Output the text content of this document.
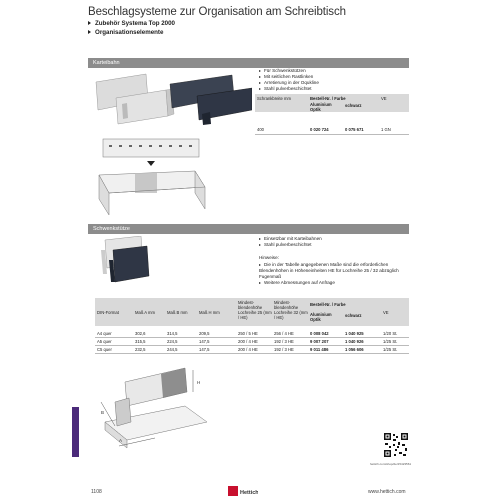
Beschlagsysteme zur Organisation am Schreibtisch
Zubehör Systema Top 2000
Organisationselemente
Karteibahn
Für Schwenkstützen
Mit seitlichen Rastlinken
Arretierung in der Oqukline
Stahl pulverbeschichtet
Schrankbreite mm	Bestell-Nr. / Farbe	VE
Aluminium Optik
schwarz
400	0 020 724	0 075 671	1 GN
Schwenkstütze
Einsetzbar mit Karteibahnen
Stahl pulverbeschichtet
Hinweise:
Die in der Tabelle angegebenen Maße sind die erforderlichen Blendenhöhen in Höheneinheiten HE für Lochreihe 25 / 32 abzüglich Fugenmaß
Weitere Abmessungen auf Anfrage
DIN-Format	Maß A mm	Maß B mm	Maß H mm
Mindest-blendenhöhe Lochreihe 25 (mm / HE)
Mindest-blendenhöhe Lochreihe 32 (mm / HE)
Bestell-Nr. / Farbe
VE
Aluminium Optik
schwarz
A4 quer	302,6	314,5	209,5	250 / 5 HE	256 / 4 HE	0 008 042	1 040 925	1/20 St.
A5 quer	315,5	224,5	147,5	200 / 4 HE	192 / 3 HE	9 007 207	1 040 926	1/25 St.
C5 quer	232,5	244,5	147,5	200 / 4 HE	192 / 3 HE	9 011 486	1 056 606	1/25 St.
H
B
A
hettich.com/shop/de/15423561
1108	Hettich	www.hettich.com
